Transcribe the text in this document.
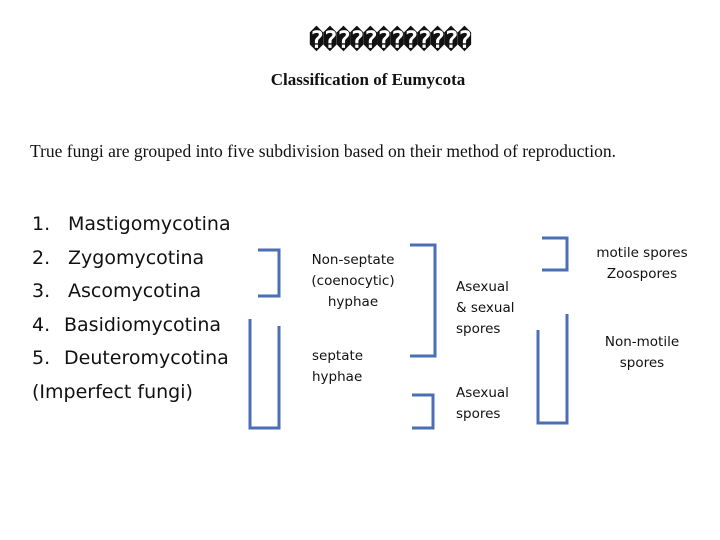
������������
Classification of Eumycota
True fungi are grouped into five subdivision based on their method of reproduction.
1. Mastigomycotina
2. Zygomycotina
3. Ascomycotina
4. Basidiomycotina
5. Deuteromycotina
(Imperfect fungi)
Non-septate
(coenocytic)
hyphae
septate
hyphae
Asexual
& sexual
spores
Asexual
spores
motile spores
Zoospores
Non-motile
spores
